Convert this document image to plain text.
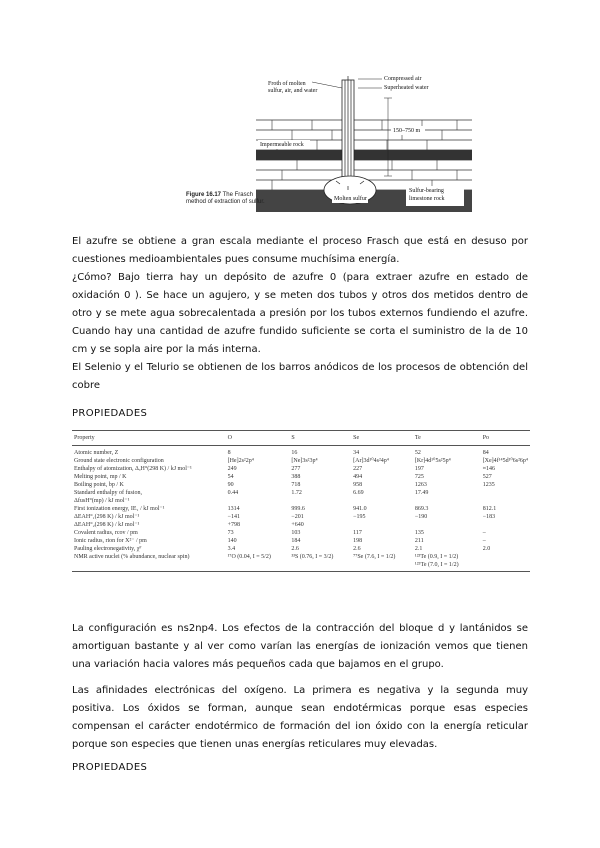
Froth of molten
sulfur, air, and water
Compressed air
Superheated water
150–750 m
Impermeable rock
Molten sulfur
Sulfur-bearing
limestone rock
Figure 16.17 The Frasch method of extraction of sulfur.
El azufre se obtiene a gran escala mediante el proceso Frasch que está en desuso por cuestiones medioambientales pues consume muchísima energía.
¿Cómo? Bajo tierra hay un depósito de azufre 0 (para extraer azufre en estado de oxidación 0 ). Se hace un agujero, y se meten dos tubos y otros dos metidos dentro de otro y se mete agua sobrecalentada a presión por los tubos externos fundiendo el azufre. Cuando hay una cantidad de azufre fundido suficiente se corta el suministro de la de 10 cm y se sopla aire por la más interna.
El Selenio y el Telurio se obtienen de los barros anódicos de los procesos de obtención del cobre
PROPIEDADES
Property	O	S	Se	Te	Po
Atomic number, Z	8	16	34	52	84
Ground state electronic configuration	[He]2s²2p⁴	[Ne]3s²3p⁴	[Ar]3d¹⁰4s²4p⁴	[Kr]4d¹⁰5s²5p⁴	[Xe]4f¹⁴5d¹⁰6s²6p⁴
Enthalpy of atomization, ΔₐH°(298 K) / kJ mol⁻¹	249	277	227	197	≈146
Melting point, mp / K	54	388	494	725	527
Boiling point, bp / K	90	718	958	1263	1235
Standard enthalpy of fusion,	0.44	1.72	6.69	17.49	
ΔfusH°(mp) / kJ mol⁻¹					
First ionization energy, IE₁ / kJ mol⁻¹	1314	999.6	941.0	869.3	812.1
ΔEAH°₁(298 K) / kJ mol⁻¹	−141	−201	−195	−190	−183
ΔEAH°₂(298 K) / kJ mol⁻¹	+798	+640			
Covalent radius, rcov / pm	73	103	117	135	–
Ionic radius, rion for X²⁻ / pm	140	184	198	211	–
Pauling electronegativity, χᴾ	3.4	2.6	2.6	2.1	2.0
NMR active nuclei (% abundance, nuclear spin)	¹⁷O (0.04, I = 5/2)	³³S (0.76, I = 3/2)	⁷⁷Se (7.6, I = 1/2)	¹²³Te (0.9, I = 1/2)	
				¹²⁵Te (7.0, I = 1/2)	
La configuración es ns2np4. Los efectos de la contracción del bloque d y lantánidos se amortiguan bastante y al ver como varían las energías de ionización vemos que tienen una variación hacia valores más pequeños cada que bajamos en el grupo.
Las afinidades electrónicas del oxígeno. La primera es negativa y la segunda muy positiva. Los óxidos se forman, aunque sean endotérmicas porque esas especies compensan el carácter endotérmico de formación del ion óxido con la energía reticular porque son especies que tienen unas energías reticulares muy elevadas.
PROPIEDADES
